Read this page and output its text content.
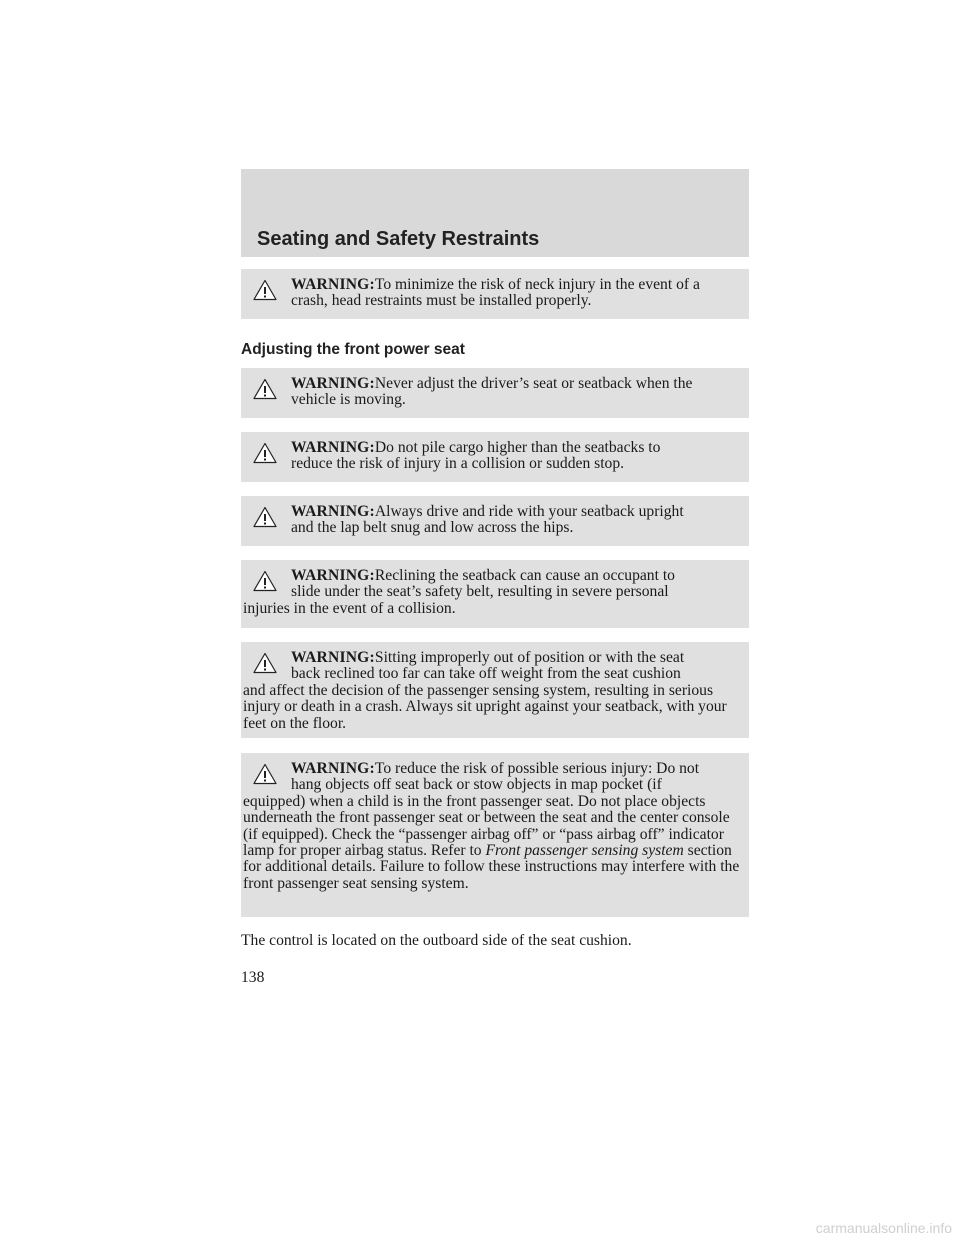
Seating and Safety Restraints

WARNING:To minimize the risk of neck injury in the event of a
crash, head restraints must be installed properly.

Adjusting the front power seat

WARNING:Never adjust the driver’s seat or seatback when the
vehicle is moving.

WARNING:Do not pile cargo higher than the seatbacks to
reduce the risk of injury in a collision or sudden stop.

WARNING:Always drive and ride with your seatback upright
and the lap belt snug and low across the hips.

WARNING:Reclining the seatback can cause an occupant to
slide under the seat’s safety belt, resulting in severe personal

injuries in the event of a collision.

WARNING:Sitting improperly out of position or with the seat
back reclined too far can take off weight from the seat cushion

and affect the decision of the passenger sensing system, resulting in serious injury or death in a crash. Always sit upright against your seatback, with your feet on the floor.

WARNING:To reduce the risk of possible serious injury: Do not
hang objects off seat back or stow objects in map pocket (if

equipped) when a child is in the front passenger seat. Do not place objects underneath the front passenger seat or between the seat and the center console (if equipped). Check the “passenger airbag off” or “pass airbag off” indicator lamp for proper airbag status. Refer to Front passenger sensing system section for additional details. Failure to follow these instructions may interfere with the front passenger seat sensing system.

The control is located on the outboard side of the seat cushion.

138

carmanualsonline.info
